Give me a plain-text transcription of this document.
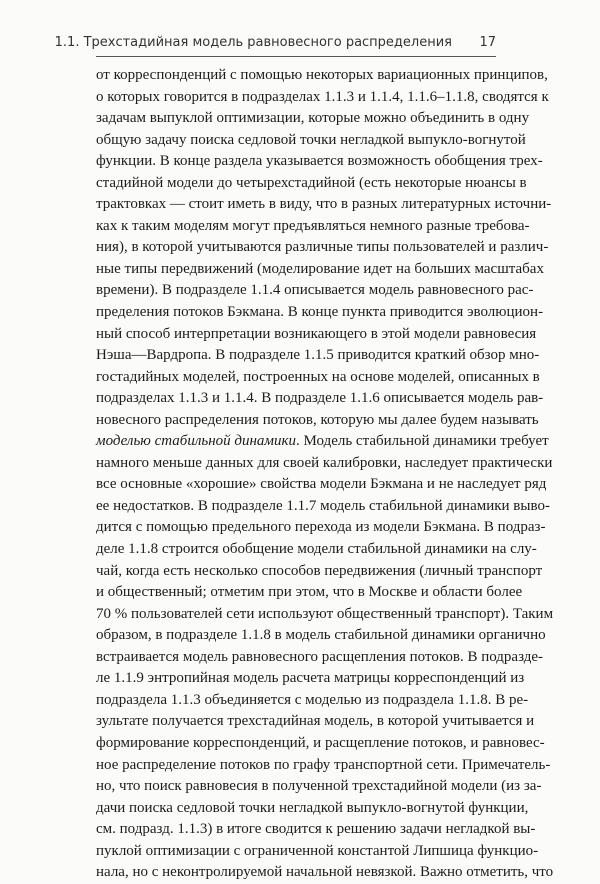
1.1. Трехстадийная модель равновесного распределения 17
от корреспонденций с помощью некоторых вариационных принципов,
о которых говорится в подразделах 1.1.3 и 1.1.4, 1.1.6–1.1.8, сводятся к
задачам выпуклой оптимизации, которые можно объединить в одну
общую задачу поиска седловой точки негладкой выпукло-вогнутой
функции. В конце раздела указывается возможность обобщения трех-
стадийной модели до четырехстадийной (есть некоторые нюансы в
трактовках — стоит иметь в виду, что в разных литературных источни-
ках к таким моделям могут предъявляться немного разные требова-
ния), в которой учитываются различные типы пользователей и различ-
ные типы передвижений (моделирование идет на больших масштабах
времени). В подразделе 1.1.4 описывается модель равновесного рас-
пределения потоков Бэкмана. В конце пункта приводится эволюцион-
ный способ интерпретации возникающего в этой модели равновесия
Нэша—Вардропа. В подразделе 1.1.5 приводится краткий обзор мно-
гостадийных моделей, построенных на основе моделей, описанных в
подразделах 1.1.3 и 1.1.4. В подразделе 1.1.6 описывается модель рав-
новесного распределения потоков, которую мы далее будем называть
моделью стабильной динамики. Модель стабильной динамики требует
намного меньше данных для своей калибровки, наследует практически
все основные «хорошие» свойства модели Бэкмана и не наследует ряд
ее недостатков. В подразделе 1.1.7 модель стабильной динамики выво-
дится с помощью предельного перехода из модели Бэкмана. В подраз-
деле 1.1.8 строится обобщение модели стабильной динамики на слу-
чай, когда есть несколько способов передвижения (личный транспорт
и общественный; отметим при этом, что в Москве и области более
70 % пользователей сети используют общественный транспорт). Таким
образом, в подразделе 1.1.8 в модель стабильной динамики органично
встраивается модель равновесного расщепления потоков. В подразде-
ле 1.1.9 энтропийная модель расчета матрицы корреспонденций из
подраздела 1.1.3 объединяется с моделью из подраздела 1.1.8. В ре-
зультате получается трехстадийная модель, в которой учитывается и
формирование корреспонденций, и расщепление потоков, и равновес-
ное распределение потоков по графу транспортной сети. Примечатель-
но, что поиск равновесия в полученной трехстадийной модели (из за-
дачи поиска седловой точки негладкой выпукло-вогнутой функции,
см. подразд. 1.1.3) в итоге сводится к решению задачи негладкой вы-
пуклой оптимизации с ограниченной константой Липшица функцио-
нала, но с неконтролируемой начальной невязкой. Важно отметить, что
